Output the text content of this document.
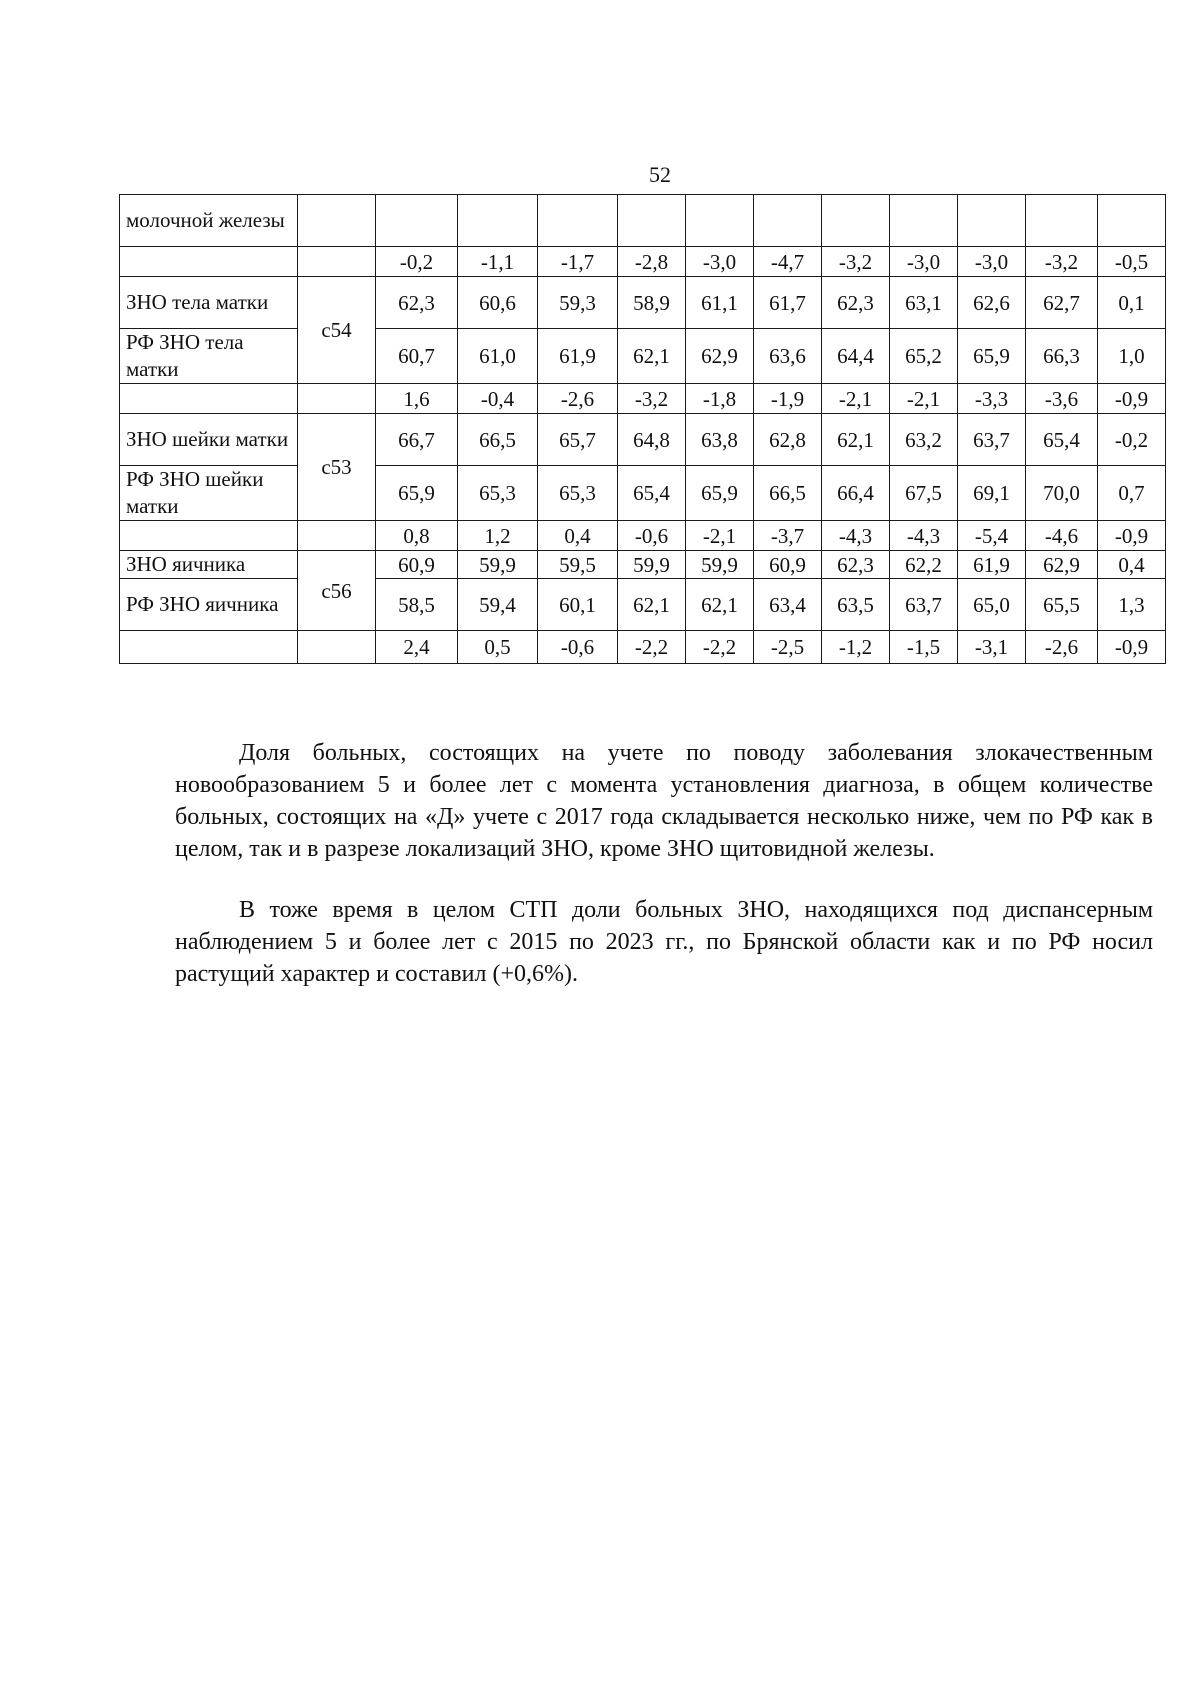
52
молочной железы												
		-0,2	-1,1	-1,7	-2,8	-3,0	-4,7	-3,2	-3,0	-3,0	-3,2	-0,5
ЗНО тела матки	с54	62,3	60,6	59,3	58,9	61,1	61,7	62,3	63,1	62,6	62,7	0,1
РФ ЗНО тела матки		60,7	61,0	61,9	62,1	62,9	63,6	64,4	65,2	65,9	66,3	1,0
		1,6	-0,4	-2,6	-3,2	-1,8	-1,9	-2,1	-2,1	-3,3	-3,6	-0,9
ЗНО шейки матки	с53	66,7	66,5	65,7	64,8	63,8	62,8	62,1	63,2	63,7	65,4	-0,2
РФ ЗНО шейки матки		65,9	65,3	65,3	65,4	65,9	66,5	66,4	67,5	69,1	70,0	0,7
		0,8	1,2	0,4	-0,6	-2,1	-3,7	-4,3	-4,3	-5,4	-4,6	-0,9
ЗНО яичника	с56	60,9	59,9	59,5	59,9	59,9	60,9	62,3	62,2	61,9	62,9	0,4
РФ ЗНО яичника		58,5	59,4	60,1	62,1	62,1	63,4	63,5	63,7	65,0	65,5	1,3
		2,4	0,5	-0,6	-2,2	-2,2	-2,5	-1,2	-1,5	-3,1	-2,6	-0,9
Доля больных, состоящих на учете по поводу заболевания злокачественным новообразованием 5 и более лет с момента установления диагноза, в общем количестве больных, состоящих на «Д» учете с 2017 года складывается несколько ниже, чем по РФ как в целом, так и в разрезе локализаций ЗНО, кроме ЗНО щитовидной железы.
В тоже время в целом СТП доли больных ЗНО, находящихся под диспансерным наблюдением 5 и более лет с 2015 по 2023 гг., по Брянской области как и по РФ носил растущий характер и составил (+0,6%).
